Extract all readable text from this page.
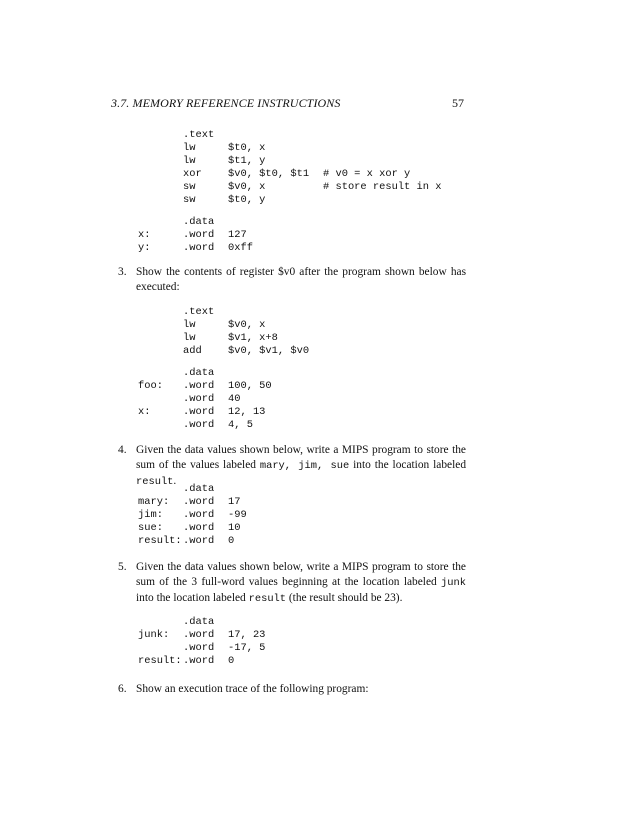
3.7. MEMORY REFERENCE INSTRUCTIONS	57
.text
lw	$t0, x
lw	$t1, y
xor	$v0, $t0, $t1 # v0 = x xor y
sw	$v0, x	# store result in x
sw	$t0, y
.data
x:	.word 127
y:	.word 0xff
3. Show the contents of register $v0 after the program shown below has executed:
.text
lw	$v0, x
lw	$v1, x+8
add	$v0, $v1, $v0
.data
foo: .word 100, 50
.word 40
x:	.word 12, 13
.word 4, 5
4. Given the data values shown below, write a MIPS program to store the sum of the values labeled mary, jim, sue into the location labeled result.
.data
mary: .word 17
jim: .word -99
sue: .word 10
result: .word 0
5. Given the data values shown below, write a MIPS program to store the sum of the 3 full-word values beginning at the location labeled junk into the location labeled result (the result should be 23).
.data
junk: .word 17, 23
.word -17, 5
result: .word 0
6. Show an execution trace of the following program:
